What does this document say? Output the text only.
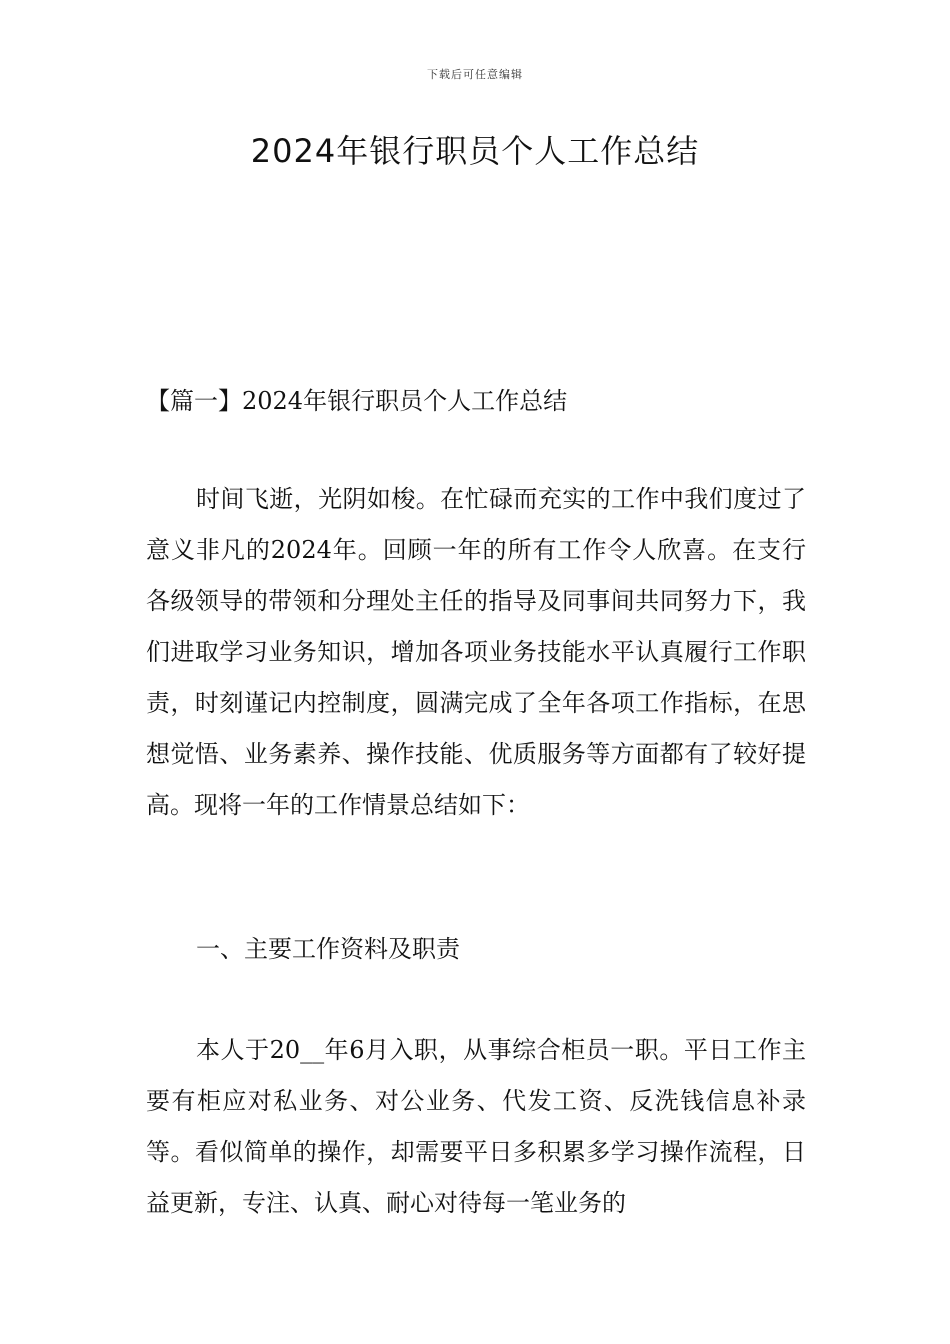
下载后可任意编辑
2024年银行职员个人工作总结
【篇一】2024年银行职员个人工作总结

时间飞逝，光阴如梭。在忙碌而充实的工作中我们度过了意义非凡的2024年。回顾一年的所有工作令人欣喜。在支行各级领导的带领和分理处主任的指导及同事间共同努力下，我们进取学习业务知识，增加各项业务技能水平认真履行工作职责，时刻谨记内控制度，圆满完成了全年各项工作指标，在思想觉悟、业务素养、操作技能、优质服务等方面都有了较好提高。现将一年的工作情景总结如下：

一、主要工作资料及职责

本人于20__年6月入职，从事综合柜员一职。平日工作主要有柜应对私业务、对公业务、代发工资、反洗钱信息补录等。看似简单的操作，却需要平日多积累多学习操作流程，日益更新，专注、认真、耐心对待每一笔业务的
